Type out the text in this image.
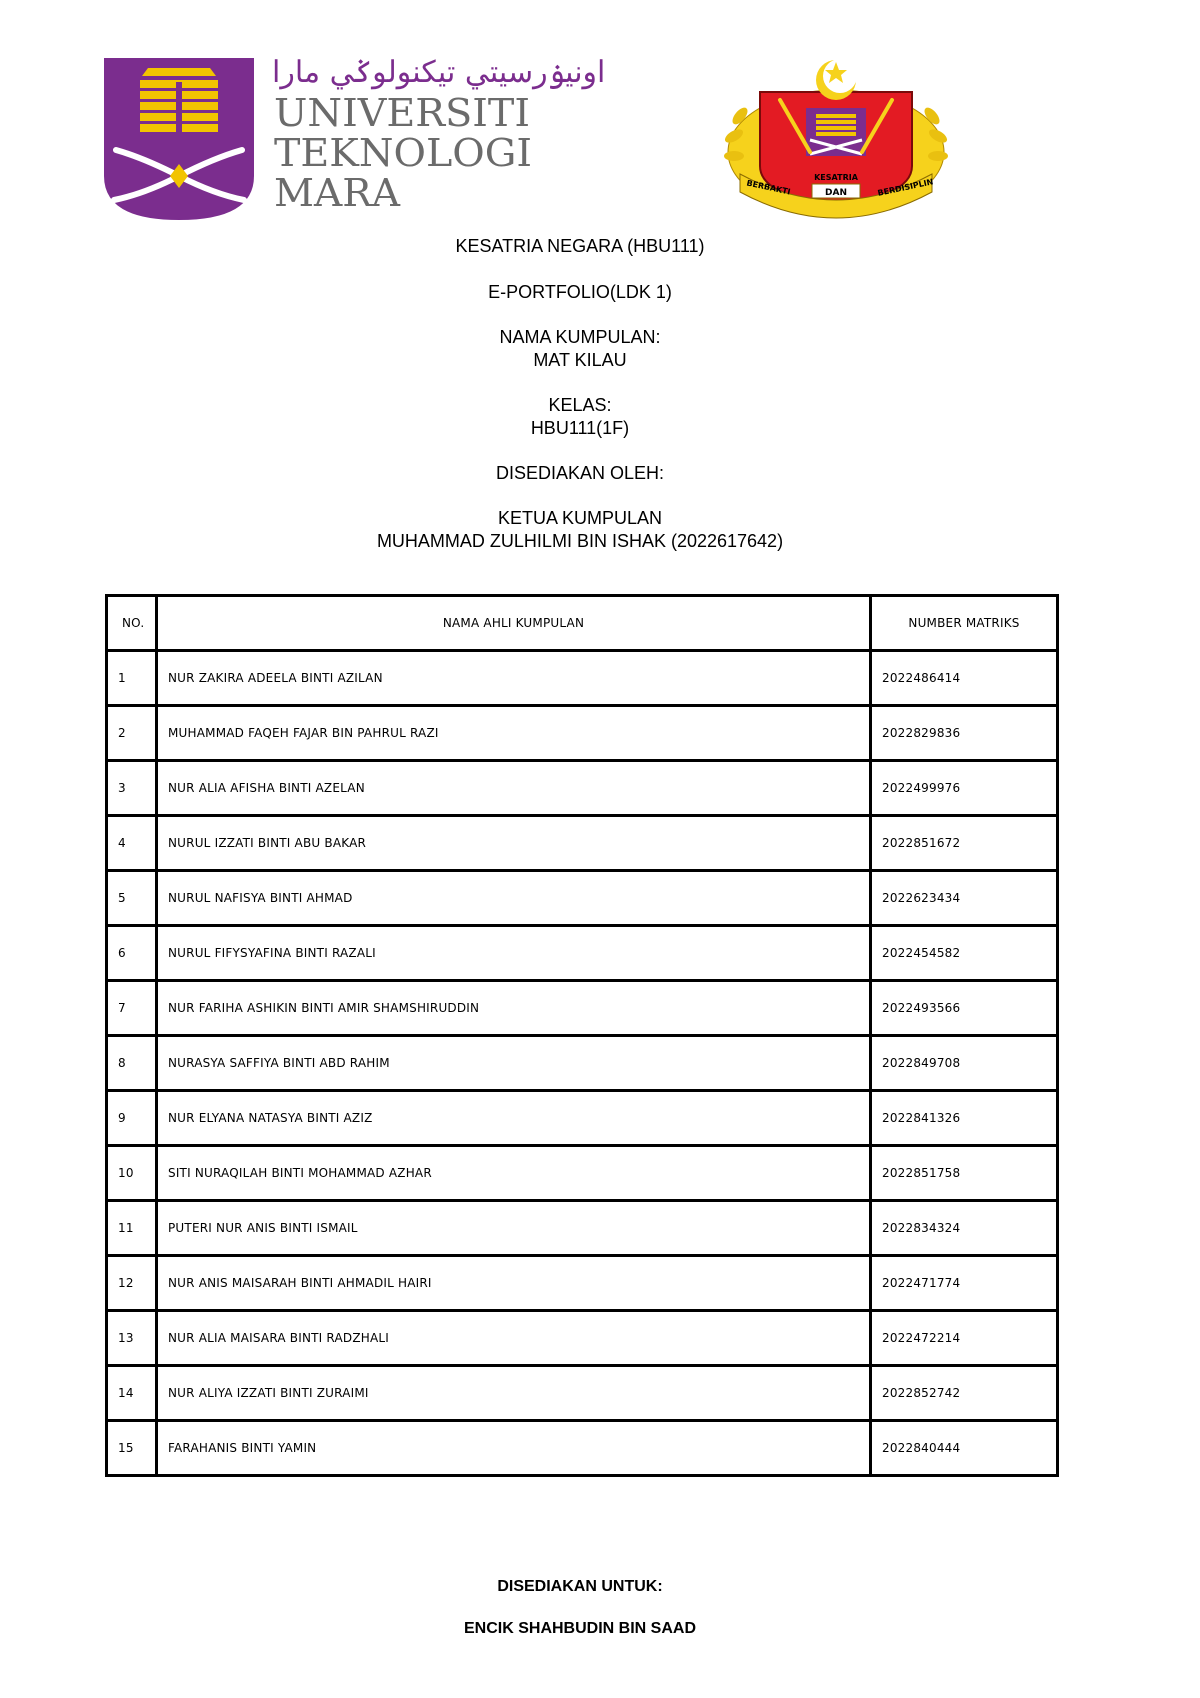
اونيۏرسيتي تيكنولوݢي مارا
UNIVERSITI
TEKNOLOGI
MARA	KESATRIA
BERBAKTI	DAN	BERDISIPLIN
KESATRIA NEGARA (HBU111)
E-PORTFOLIO(LDK 1)
NAMA KUMPULAN:
MAT KILAU
KELAS:
HBU111(1F)
DISEDIAKAN OLEH:
KETUA KUMPULAN
MUHAMMAD ZULHILMI BIN ISHAK (2022617642)
NO.	NAMA AHLI KUMPULAN	NUMBER MATRIKS
1	NUR ZAKIRA ADEELA BINTI AZILAN	2022486414
2	MUHAMMAD FAQEH FAJAR BIN PAHRUL RAZI	2022829836
3	NUR ALIA AFISHA BINTI AZELAN	2022499976
4	NURUL IZZATI BINTI ABU BAKAR	2022851672
5	NURUL NAFISYA BINTI AHMAD	2022623434
6	NURUL FIFYSYAFINA BINTI RAZALI	2022454582
7	NUR FARIHA ASHIKIN BINTI AMIR SHAMSHIRUDDIN	2022493566
8	NURASYA SAFFIYA BINTI ABD RAHIM	2022849708
9	NUR ELYANA NATASYA BINTI AZIZ	2022841326
10	SITI NURAQILAH BINTI MOHAMMAD AZHAR	2022851758
11	PUTERI NUR ANIS BINTI ISMAIL	2022834324
12	NUR ANIS MAISARAH BINTI AHMADIL HAIRI	2022471774
13	NUR ALIA MAISARA BINTI RADZHALI	2022472214
14	NUR ALIYA IZZATI BINTI ZURAIMI	2022852742
15	FARAHANIS BINTI YAMIN	2022840444
DISEDIAKAN UNTUK:
ENCIK SHAHBUDIN BIN SAAD
